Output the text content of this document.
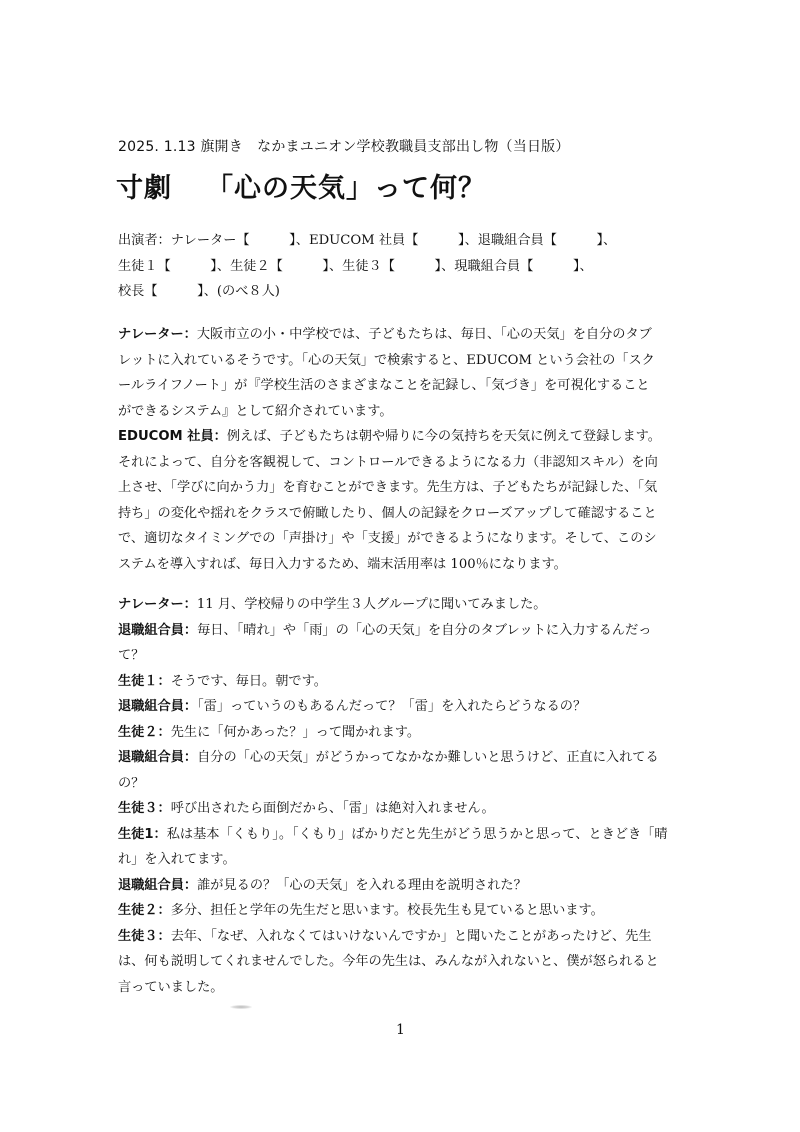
2025. 1.13 旗開き　なかまユニオン学校教職員支部出し物（当日版）
寸劇 「心の天気」って何？
出演者：ナレーター【　　　】、EDUCOM 社員【　　　】、退職組合員【　　　】、
生徒１【　　　】、生徒２【　　　】、生徒３【　　　】、現職組合員【　　　】、
校長【　　　】、(のべ８人)
ナレーター：大阪市立の小・中学校では、子どもたちは、毎日、「心の天気」を自分のタブ
レットに入れているそうです。「心の天気」で検索すると、EDUCOM という会社の「スク
ールライフノート」が『学校生活のさまざまなことを記録し、「気づき」を可視化すること
ができるシステム』として紹介されています。
EDUCOM 社員：例えば、子どもたちは朝や帰りに今の気持ちを天気に例えて登録します。
それによって、自分を客観視して、コントロールできるようになる力（非認知スキル）を向
上させ、「学びに向かう力」を育むことができます。先生方は、子どもたちが記録した、「気
持ち」の変化や揺れをクラスで俯瞰したり、個人の記録をクローズアップして確認すること
で、適切なタイミングでの「声掛け」や「支援」ができるようになります。そして、このシ
ステムを導入すれば、毎日入力するため、端末活用率は 100％になります。
ナレーター：11 月、学校帰りの中学生３人グループに聞いてみました。
退職組合員：毎日、「晴れ」や「雨」の「心の天気」を自分のタブレットに入力するんだっ
て？
生徒１：そうです、毎日。朝です。
退職組合員：「雷」っていうのもあるんだって？「雷」を入れたらどうなるの？
生徒２：先生に「何かあった？」って聞かれます。
退職組合員：自分の「心の天気」がどうかってなかなか難しいと思うけど、正直に入れてる
の？
生徒３：呼び出されたら面倒だから、「雷」は絶対入れません。
生徒1：私は基本「くもり」。「くもり」ばかりだと先生がどう思うかと思って、ときどき「晴
れ」を入れてます。
退職組合員：誰が見るの？「心の天気」を入れる理由を説明された？
生徒２：多分、担任と学年の先生だと思います。校長先生も見ていると思います。
生徒３：去年、「なぜ、入れなくてはいけないんですか」と聞いたことがあったけど、先生
は、何も説明してくれませんでした。今年の先生は、みんなが入れないと、僕が怒られると
言っていました。
1
